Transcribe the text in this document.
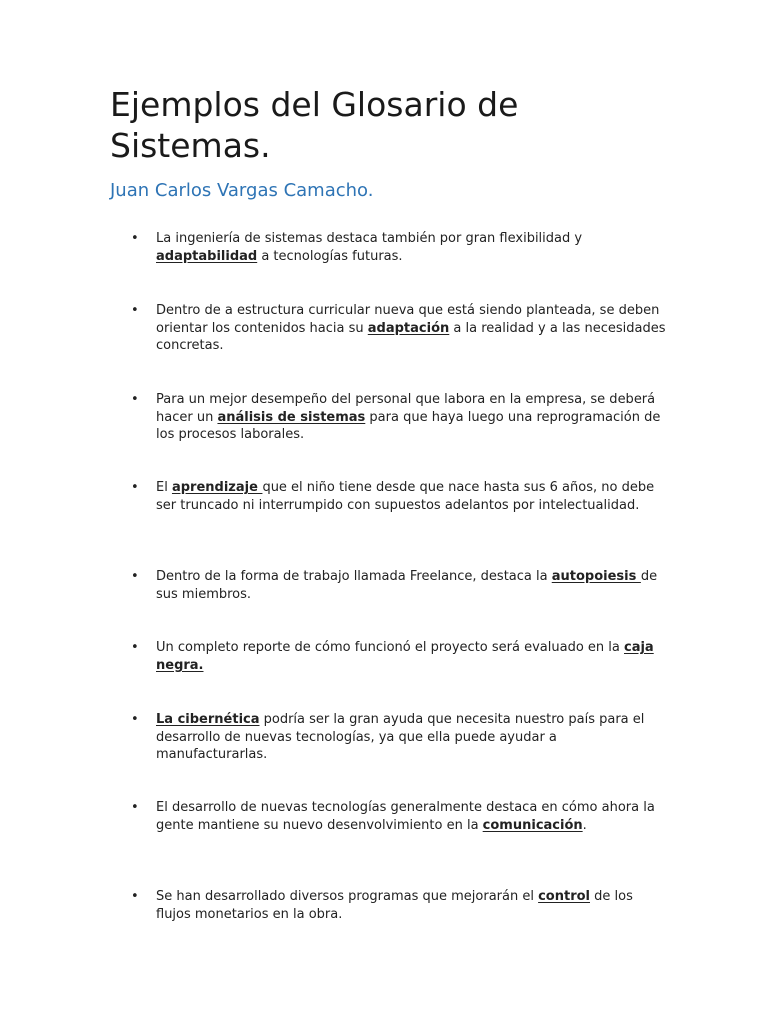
Ejemplos del Glosario de Sistemas.

Juan Carlos Vargas Camacho.

• La ingeniería de sistemas destaca también por gran flexibilidad y adaptabilidad a tecnologías futuras.
• Dentro de a estructura curricular nueva que está siendo planteada, se deben orientar los contenidos hacia su adaptación a la realidad y a las necesidades concretas.
• Para un mejor desempeño del personal que labora en la empresa, se deberá hacer un análisis de sistemas para que haya luego una reprogramación de los procesos laborales.
• El aprendizaje que el niño tiene desde que nace hasta sus 6 años, no debe ser truncado ni interrumpido con supuestos adelantos por intelectualidad.
• Dentro de la forma de trabajo llamada Freelance, destaca la autopoiesis de sus miembros.
• Un completo reporte de cómo funcionó el proyecto será evaluado en la caja negra.
• La cibernética podría ser la gran ayuda que necesita nuestro país para el desarrollo de nuevas tecnologías, ya que ella puede ayudar a manufacturarlas.
• El desarrollo de nuevas tecnologías generalmente destaca en cómo ahora la gente mantiene su nuevo desenvolvimiento en la comunicación.
• Se han desarrollado diversos programas que mejorarán el control de los flujos monetarios en la obra.
